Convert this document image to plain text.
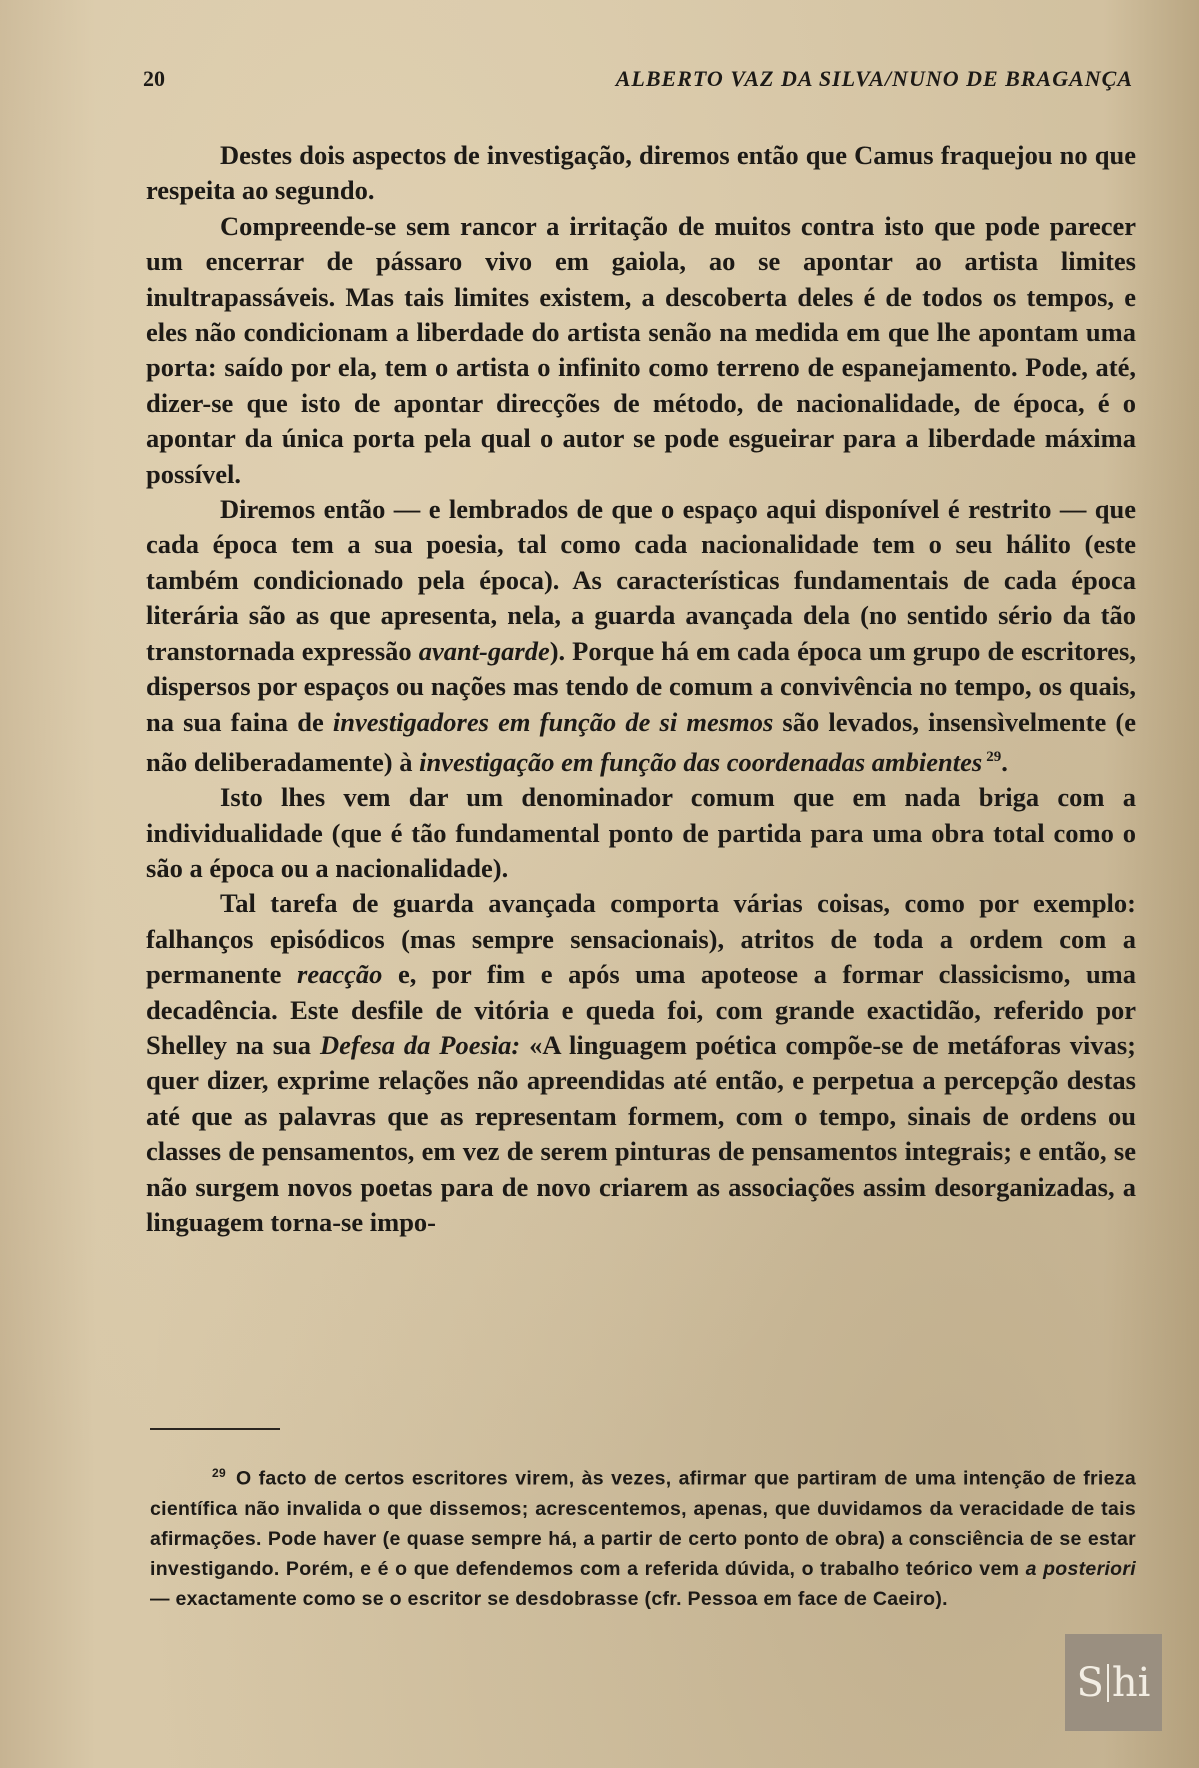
20	ALBERTO VAZ DA SILVA/NUNO DE BRAGANÇA

Destes dois aspectos de investigação, diremos então que Camus fraquejou no que respeita ao segundo.

Compreende-se sem rancor a irritação de muitos contra isto que pode parecer um encerrar de pássaro vivo em gaiola, ao se apontar ao artista limites inultrapassáveis. Mas tais limites existem, a descoberta deles é de todos os tempos, e eles não condicionam a liberdade do artista senão na medida em que lhe apontam uma porta: saído por ela, tem o artista o infinito como terreno de espanejamento. Pode, até, dizer-se que isto de apontar direcções de método, de nacionalidade, de época, é o apontar da única porta pela qual o autor se pode esgueirar para a liberdade máxima possível.

Diremos então — e lembrados de que o espaço aqui disponível é restrito — que cada época tem a sua poesia, tal como cada nacionalidade tem o seu hálito (este também condicionado pela época). As características fundamentais de cada época literária são as que apresenta, nela, a guarda avançada dela (no sentido sério da tão transtornada expressão avant-garde). Porque há em cada época um grupo de escritores, dispersos por espaços ou nações mas tendo de comum a convivência no tempo, os quais, na sua faina de investigadores em função de si mesmos são levados, insensìvelmente (e não deliberadamente) à investigação em função das coordenadas ambientes $^{29}$.

Isto lhes vem dar um denominador comum que em nada briga com a individualidade (que é tão fundamental ponto de partida para uma obra total como o são a época ou a nacionalidade).

Tal tarefa de guarda avançada comporta várias coisas, como por exemplo: falhanços episódicos (mas sempre sensacionais), atritos de toda a ordem com a permanente reacção e, por fim e após uma apoteose a formar classicismo, uma decadência. Este desfile de vitória e queda foi, com grande exactidão, referido por Shelley na sua Defesa da Poesia: «A linguagem poética compõe-se de metáforas vivas; quer dizer, exprime relações não apreendidas até então, e perpetua a percepção destas até que as palavras que as representam formem, com o tempo, sinais de ordens ou classes de pensamentos, em vez de serem pinturas de pensamentos integrais; e então, se não surgem novos poetas para de novo criarem as associações assim desorganizadas, a linguagem torna-se impo-

$^{29}$ O facto de certos escritores virem, às vezes, afirmar que partiram de uma intenção de frieza científica não invalida o que dissemos; acrescentemos, apenas, que duvidamos da veracidade de tais afirmações. Pode haver (e quase sempre há, a partir de certo ponto de obra) a consciência de se estar investigando. Porém, e é o que defendemos com a referida dúvida, o trabalho teórico vem a posteriori — exactamente como se o escritor se desdobrasse (cfr. Pessoa em face de Caeiro).
S hi
